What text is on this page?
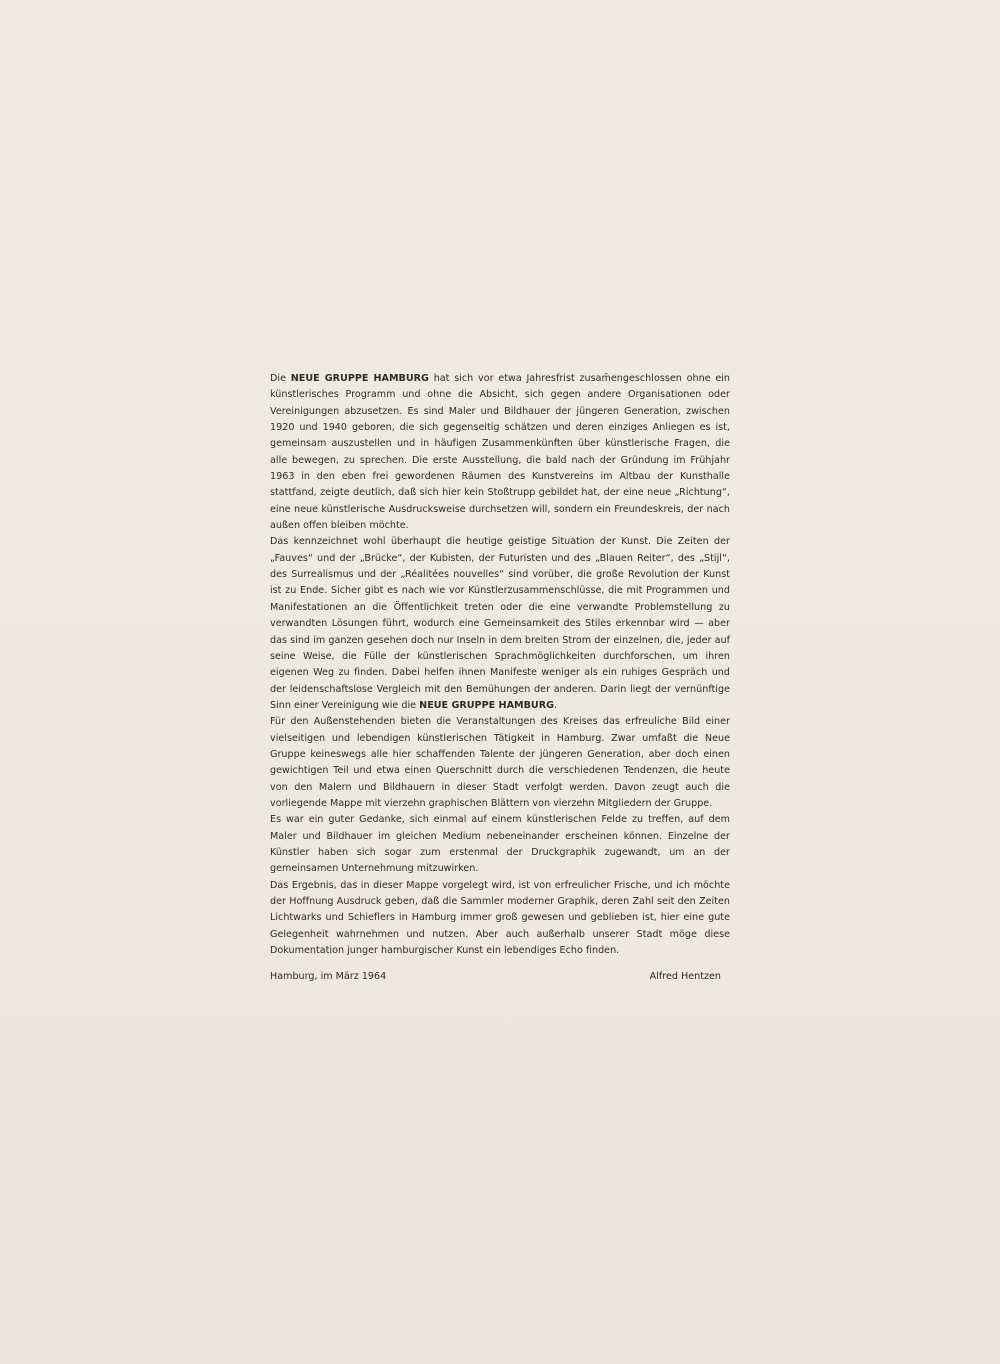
Die NEUE GRUPPE HAMBURG hat sich vor etwa Jahresfrist zusam̄engeschlossen ohne ein künstlerisches Programm und ohne die Absicht, sich gegen andere Organisationen oder Vereinigungen abzusetzen. Es sind Maler und Bildhauer der jüngeren Generation, zwischen 1920 und 1940 geboren, die sich gegenseitig schätzen und deren einziges Anliegen es ist, gemeinsam auszustellen und in häufigen Zusammenkünften über künstlerische Fragen, die alle bewegen, zu sprechen. Die erste Ausstellung, die bald nach der Gründung im Frühjahr 1963 in den eben frei gewordenen Räumen des Kunstvereins im Altbau der Kunsthalle stattfand, zeigte deutlich, daß sich hier kein Stoßtrupp gebildet hat, der eine neue „Richtung“, eine neue künstlerische Ausdrucksweise durchsetzen will, sondern ein Freundeskreis, der nach außen offen bleiben möchte.

Das kennzeichnet wohl überhaupt die heutige geistige Situation der Kunst. Die Zeiten der „Fauves“ und der „Brücke“, der Kubisten, der Futuristen und des „Blauen Reiter“, des „Stijl“, des Surrealismus und der „Réalitées nouvelles“ sind vorüber, die große Revolution der Kunst ist zu Ende. Sicher gibt es nach wie vor Künstlerzusammenschlüsse, die mit Programmen und Manifestationen an die Öffentlichkeit treten oder die eine verwandte Problemstellung zu verwandten Lösungen führt, wodurch eine Gemeinsamkeit des Stiles erkennbar wird — aber das sind im ganzen gesehen doch nur Inseln in dem breiten Strom der einzelnen, die, jeder auf seine Weise, die Fülle der künstlerischen Sprachmöglichkeiten durchforschen, um ihren eigenen Weg zu finden. Dabei helfen ihnen Manifeste weniger als ein ruhiges Gespräch und der leidenschaftslose Vergleich mit den Bemühungen der anderen. Darin liegt der vernünftige Sinn einer Vereinigung wie die NEUE GRUPPE HAMBURG.

Für den Außenstehenden bieten die Veranstaltungen des Kreises das erfreuliche Bild einer vielseitigen und lebendigen künstlerischen Tätigkeit in Hamburg. Zwar umfaßt die Neue Gruppe keineswegs alle hier schaffenden Talente der jüngeren Generation, aber doch einen gewichtigen Teil und etwa einen Querschnitt durch die verschiedenen Tendenzen, die heute von den Malern und Bildhauern in dieser Stadt verfolgt werden. Davon zeugt auch die vorliegende Mappe mit vierzehn graphischen Blättern von vierzehn Mitgliedern der Gruppe.

Es war ein guter Gedanke, sich einmal auf einem künstlerischen Felde zu treffen, auf dem Maler und Bildhauer im gleichen Medium nebeneinander erscheinen können. Einzelne der Künstler haben sich sogar zum erstenmal der Druckgraphik zugewandt, um an der gemeinsamen Unternehmung mitzuwirken.

Das Ergebnis, das in dieser Mappe vorgelegt wird, ist von erfreulicher Frische, und ich möchte der Hoffnung Ausdruck geben, daß die Sammler moderner Graphik, deren Zahl seit den Zeiten Lichtwarks und Schieflers in Hamburg immer groß gewesen und geblieben ist, hier eine gute Gelegenheit wahrnehmen und nutzen. Aber auch außerhalb unserer Stadt möge diese Dokumentation junger hamburgischer Kunst ein lebendiges Echo finden.

Hamburg, im März 1964	Alfred Hentzen
